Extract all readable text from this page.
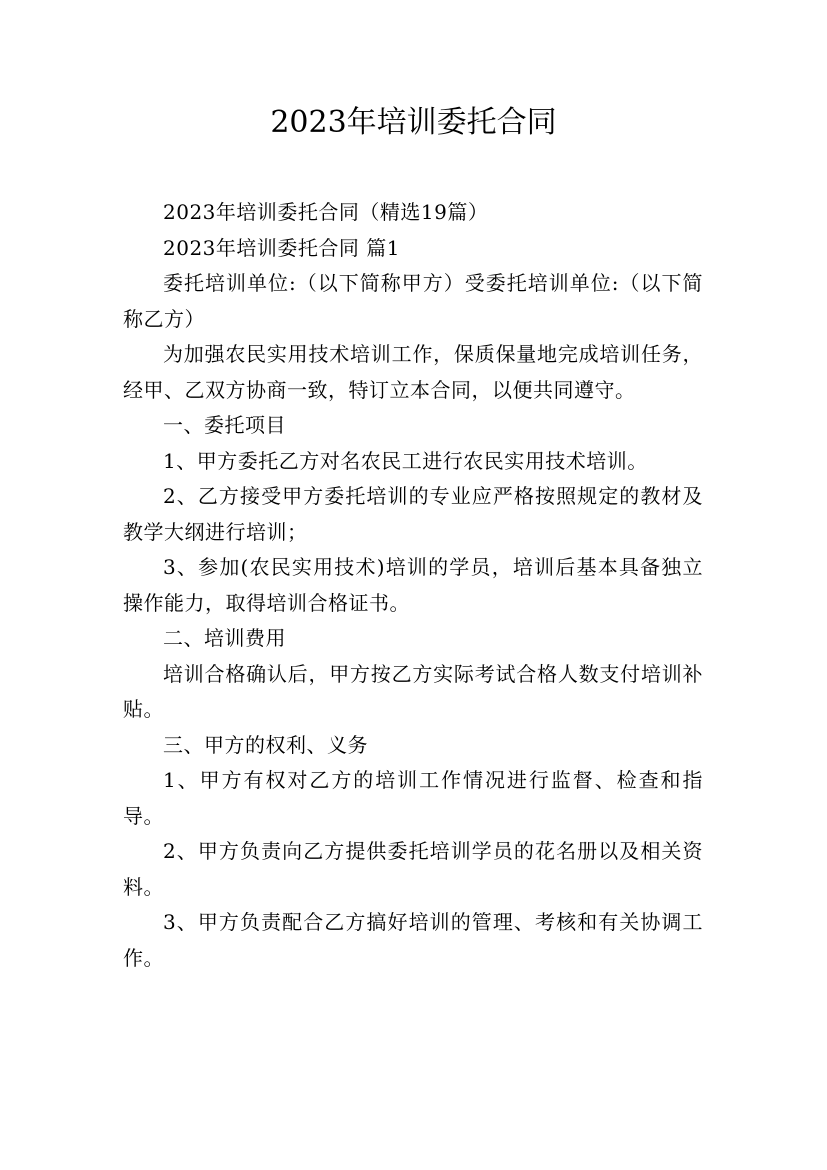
2023年培训委托合同

2023年培训委托合同（精选19篇）

2023年培训委托合同 篇1

委托培训单位:（以下简称甲方）受委托培训单位:（以下简称乙方）

为加强农民实用技术培训工作，保质保量地完成培训任务，经甲、乙双方协商一致，特订立本合同，以便共同遵守。

一、委托项目

1、甲方委托乙方对名农民工进行农民实用技术培训。

2、乙方接受甲方委托培训的专业应严格按照规定的教材及教学大纲进行培训；

3、参加(农民实用技术)培训的学员，培训后基本具备独立操作能力，取得培训合格证书。

二、培训费用

培训合格确认后，甲方按乙方实际考试合格人数支付培训补贴。

三、甲方的权利、义务

1、甲方有权对乙方的培训工作情况进行监督、检查和指导。

2、甲方负责向乙方提供委托培训学员的花名册以及相关资料。

3、甲方负责配合乙方搞好培训的管理、考核和有关协调工作。
